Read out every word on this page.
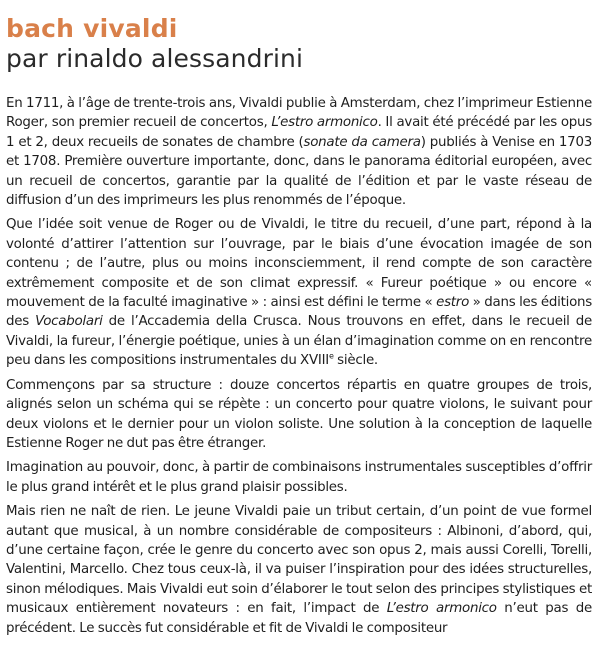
bach vivaldi
par rinaldo alessandrini

En 1711, à l’âge de trente-trois ans, Vivaldi publie à Amsterdam, chez l’imprimeur Estienne Roger, son premier recueil de concertos, L’estro armonico. Il avait été précédé par les opus 1 et 2, deux recueils de sonates de chambre (sonate da camera) publiés à Venise en 1703 et 1708. Première ouverture importante, donc, dans le panorama éditorial européen, avec un recueil de concertos, garantie par la qualité de l’édition et par le vaste réseau de diffusion d’un des imprimeurs les plus renommés de l’époque.

Que l’idée soit venue de Roger ou de Vivaldi, le titre du recueil, d’une part, répond à la volonté d’attirer l’attention sur l’ouvrage, par le biais d’une évocation imagée de son contenu ; de l’autre, plus ou moins inconsciemment, il rend compte de son caractère extrêmement composite et de son climat expressif. « Fureur poétique » ou encore « mouvement de la faculté imaginative » : ainsi est défini le terme « estro » dans les éditions des Vocabolari de l’Accademia della Crusca. Nous trouvons en effet, dans le recueil de Vivaldi, la fureur, l’énergie poétique, unies à un élan d’imagination comme on en rencontre peu dans les compositions instrumentales du XVIIIe siècle.

Commençons par sa structure : douze concertos répartis en quatre groupes de trois, alignés selon un schéma qui se répète : un concerto pour quatre violons, le suivant pour deux violons et le dernier pour un violon soliste. Une solution à la conception de laquelle Estienne Roger ne dut pas être étranger.

Imagination au pouvoir, donc, à partir de combinaisons instrumentales susceptibles d’offrir le plus grand intérêt et le plus grand plaisir possibles.

Mais rien ne naît de rien. Le jeune Vivaldi paie un tribut certain, d’un point de vue formel autant que musical, à un nombre considérable de compositeurs : Albinoni, d’abord, qui, d’une certaine façon, crée le genre du concerto avec son opus 2, mais aussi Corelli, Torelli, Valentini, Marcello. Chez tous ceux-là, il va puiser l’inspiration pour des idées structurelles, sinon mélodiques. Mais Vivaldi eut soin d’élaborer le tout selon des principes stylistiques et musicaux entièrement novateurs : en fait, l’impact de L’estro armonico n’eut pas de précédent. Le succès fut considérable et fit de Vivaldi le compositeur
